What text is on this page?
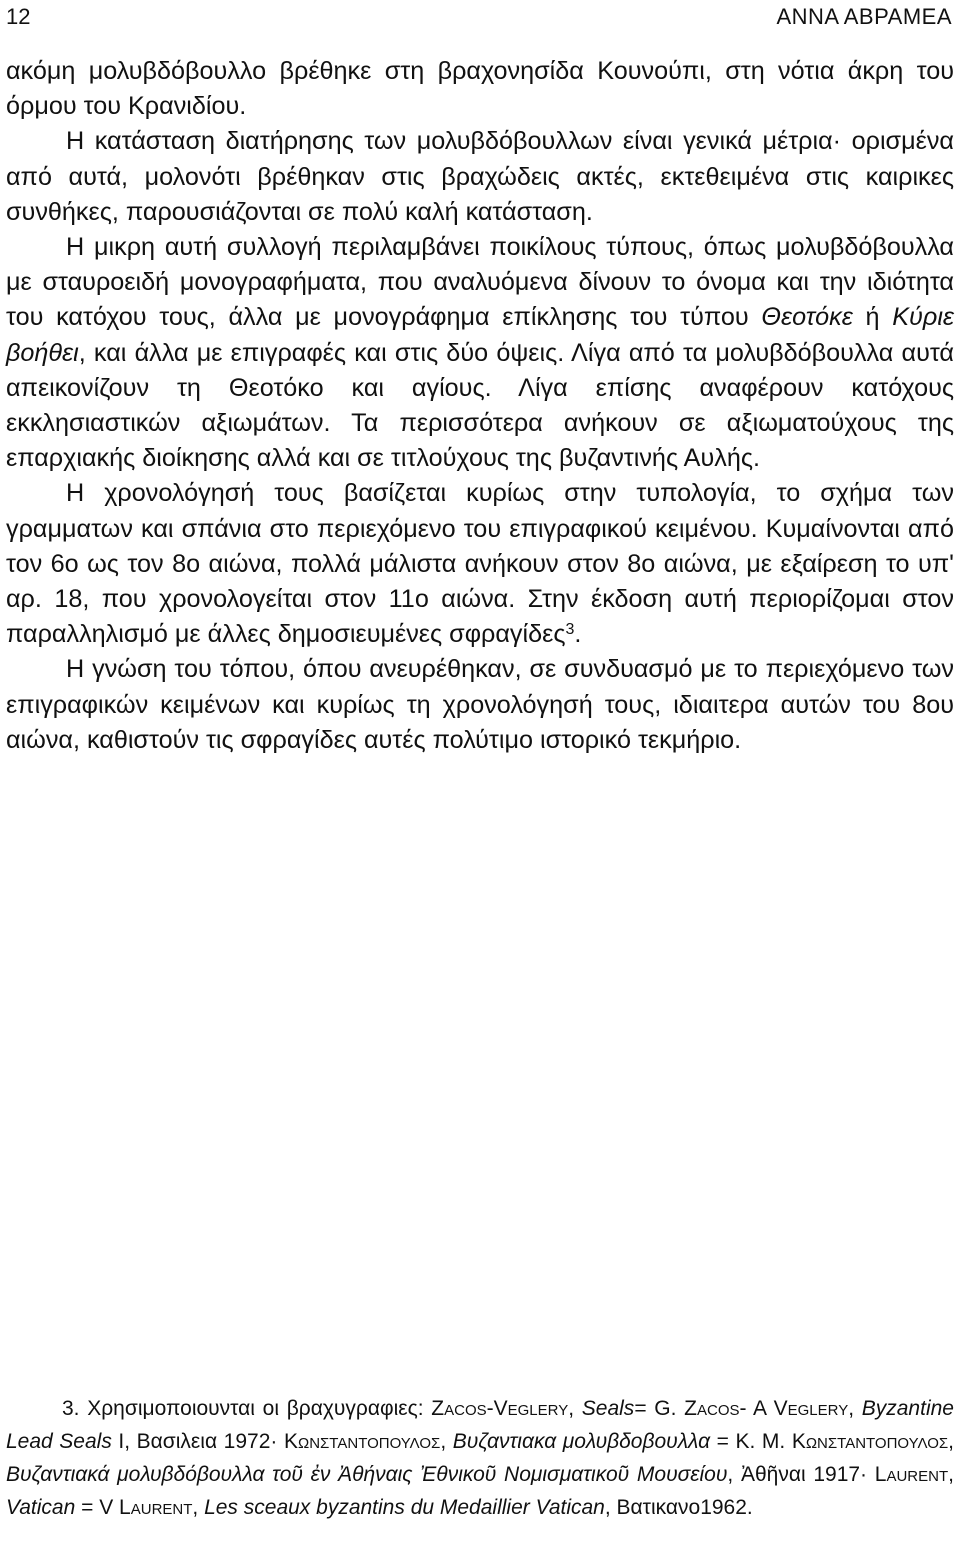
12	ΑΝΝΑ ΑΒΡΑΜΕΑ

ακόμη μολυβδόβουλλο βρέθηκε στη βραχονησίδα Κουνούπι, στη νότια άκρη του όρμου του Κρανιδίου.

Η κατάσταση διατήρησης των μολυβδόβουλλων είναι γενικά μέτρια· ορισμένα από αυτά, μολονότι βρέθηκαν στις βραχώδεις ακτές, εκτεθειμένα στις καιρικες συνθήκες, παρουσιάζονται σε πολύ καλή κατάσταση.

Η μικρη αυτή συλλογή περιλαμβάνει ποικίλους τύπους, όπως μολυβδόβουλλα με σταυροειδή μονογραφήματα, που αναλυόμενα δίνουν το όνομα και την ιδιότητα του κατόχου τους, άλλα με μονογράφημα επίκλησης του τύπου Θεοτόκε ή Κύριε βοήθει, και άλλα με επιγραφές και στις δύο όψεις. Λίγα από τα μολυβδόβουλλα αυτά απεικονίζουν τη Θεοτόκο και αγίους. Λίγα επίσης αναφέρουν κατόχους εκκλησιαστικών αξιωμάτων. Τα περισσότερα ανήκουν σε αξιωματούχους της επαρχιακής διοίκησης αλλά και σε τιτλούχους της βυζαντινής Αυλής.

Η χρονολόγησή τους βασίζεται κυρίως στην τυπολογία, το σχήμα των γραμματων και σπάνια στο περιεχόμενο του επιγραφικού κειμένου. Κυμαίνονται από τον 6ο ως τον 8ο αιώνα, πολλά μάλιστα ανήκουν στον 8ο αιώνα, με εξαίρεση το υπ' αρ. 18, που χρονολογείται στον 11ο αιώνα. Στην έκδοση αυτή περιορίζομαι στον παραλληλισμό με άλλες δημοσιευμένες σφραγίδες$^3$.

Η γνώση του τόπου, όπου ανευρέθηκαν, σε συνδυασμό με το περιεχόμενο των επιγραφικών κειμένων και κυρίως τη χρονολόγησή τους, ιδιαιτερα αυτών του 8ου αιώνα, καθιστούν τις σφραγίδες αυτές πολύτιμο ιστορικό τεκμήριο.

3. Χρησιμοποιουνται οι βραχυγραφιες: Zacos-Veglery, Seals= G. Zacos- A Veglery, Byzantine Lead Seals I, Βασιλεια 1972· Κωνσταντοπουλος, Βυζαντιακα μολυβδοβουλλα = Κ. Μ. Κωνσταντοπουλος, Βυζαντιακά μολυβδόβουλλα τοῦ ἐν Ἀθήναις Ἐθνικοῦ Νομισματικοῦ Μουσείου, Ἀθῆναι 1917· Laurent, Vatican = V Laurent, Les sceaux byzantins du Medaillier Vatican, Βατικανο1962.
